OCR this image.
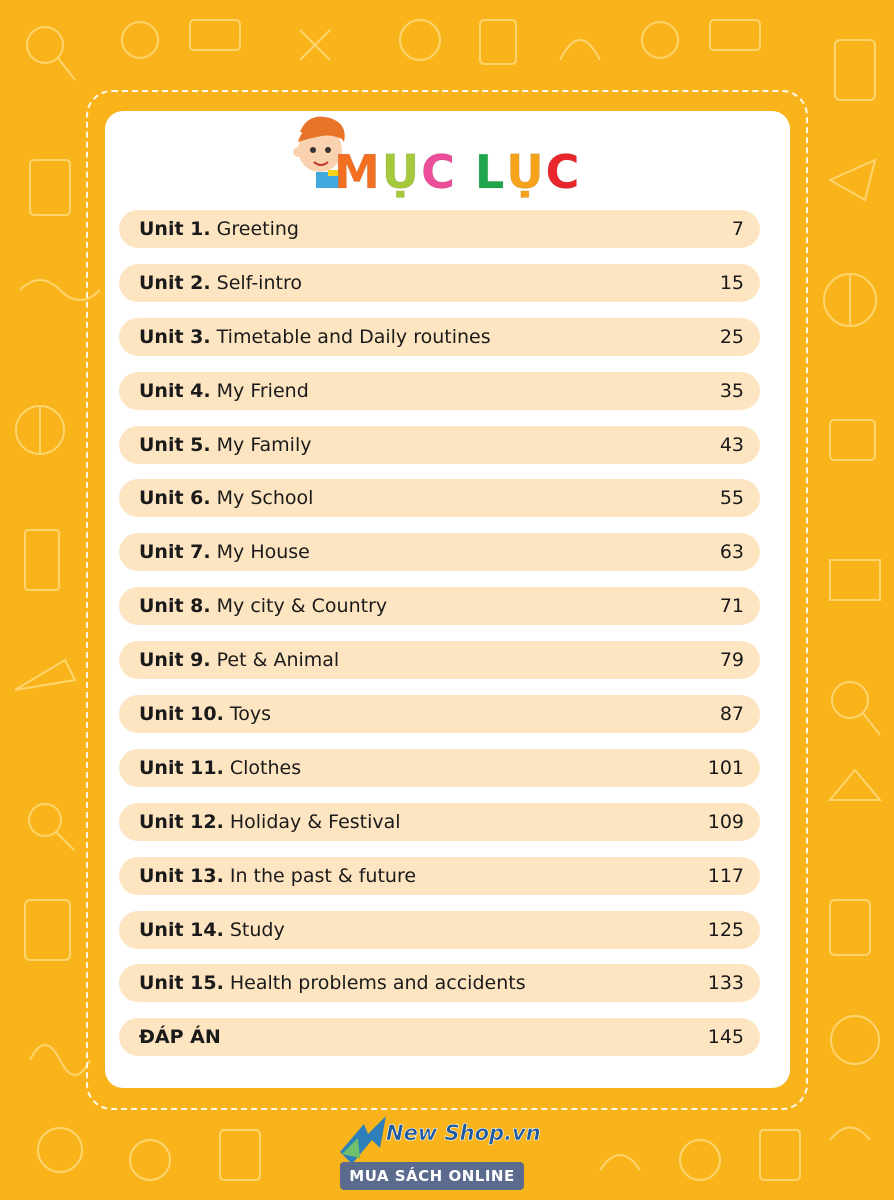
MỤC LỤC
Unit 1. Greeting	7
Unit 2. Self-intro	15
Unit 3. Timetable and Daily routines	25
Unit 4. My Friend	35
Unit 5. My Family	43
Unit 6. My School	55
Unit 7. My House	63
Unit 8. My city & Country	71
Unit 9. Pet & Animal	79
Unit 10. Toys	87
Unit 11. Clothes	101
Unit 12. Holiday & Festival	109
Unit 13. In the past & future	117
Unit 14. Study	125
Unit 15. Health problems and accidents	133
ĐÁP ÁN	145
New Shop.vn
MUA SÁCH ONLINE
